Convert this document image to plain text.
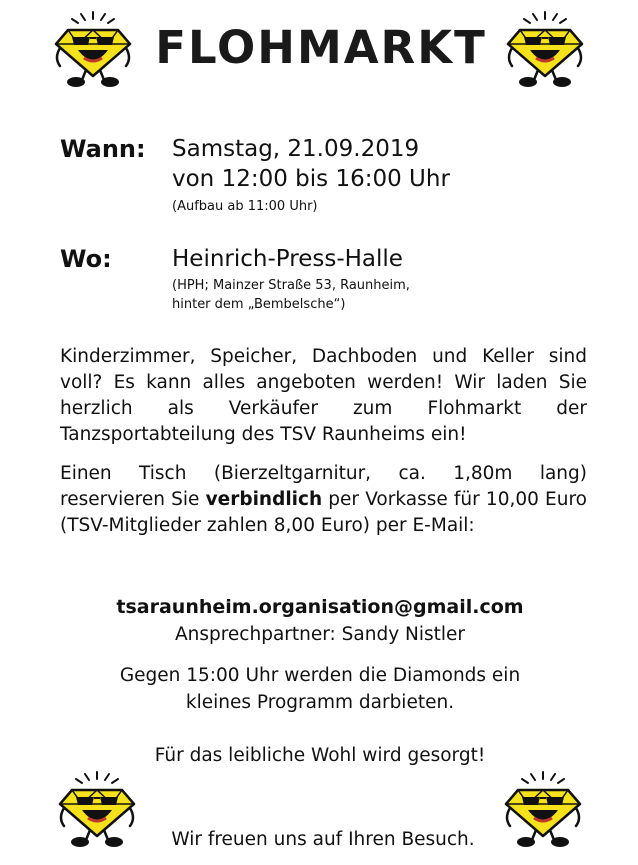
FLOHMARKT
Wann: Samstag, 21.09.2019
von 12:00 bis 16:00 Uhr
(Aufbau ab 11:00 Uhr)
Wo:	Heinrich-Press-Halle
(HPH; Mainzer Straße 53, Raunheim,
hinter dem „Bembelsche“)
Kinderzimmer, Speicher, Dachboden und Keller sind voll? Es kann alles angeboten werden! Wir laden Sie herzlich als Verkäufer zum Flohmarkt der Tanzsportabteilung des TSV Raunheims ein!
Einen Tisch (Bierzeltgarnitur, ca. 1,80m lang) reservieren Sie verbindlich per Vorkasse für 10,00 Euro (TSV-Mitglieder zahlen 8,00 Euro) per E-Mail:
tsaraunheim.organisation@gmail.com
Ansprechpartner: Sandy Nistler
Gegen 15:00 Uhr werden die Diamonds ein
kleines Programm darbieten.
Für das leibliche Wohl wird gesorgt!
Wir freuen uns auf Ihren Besuch.
